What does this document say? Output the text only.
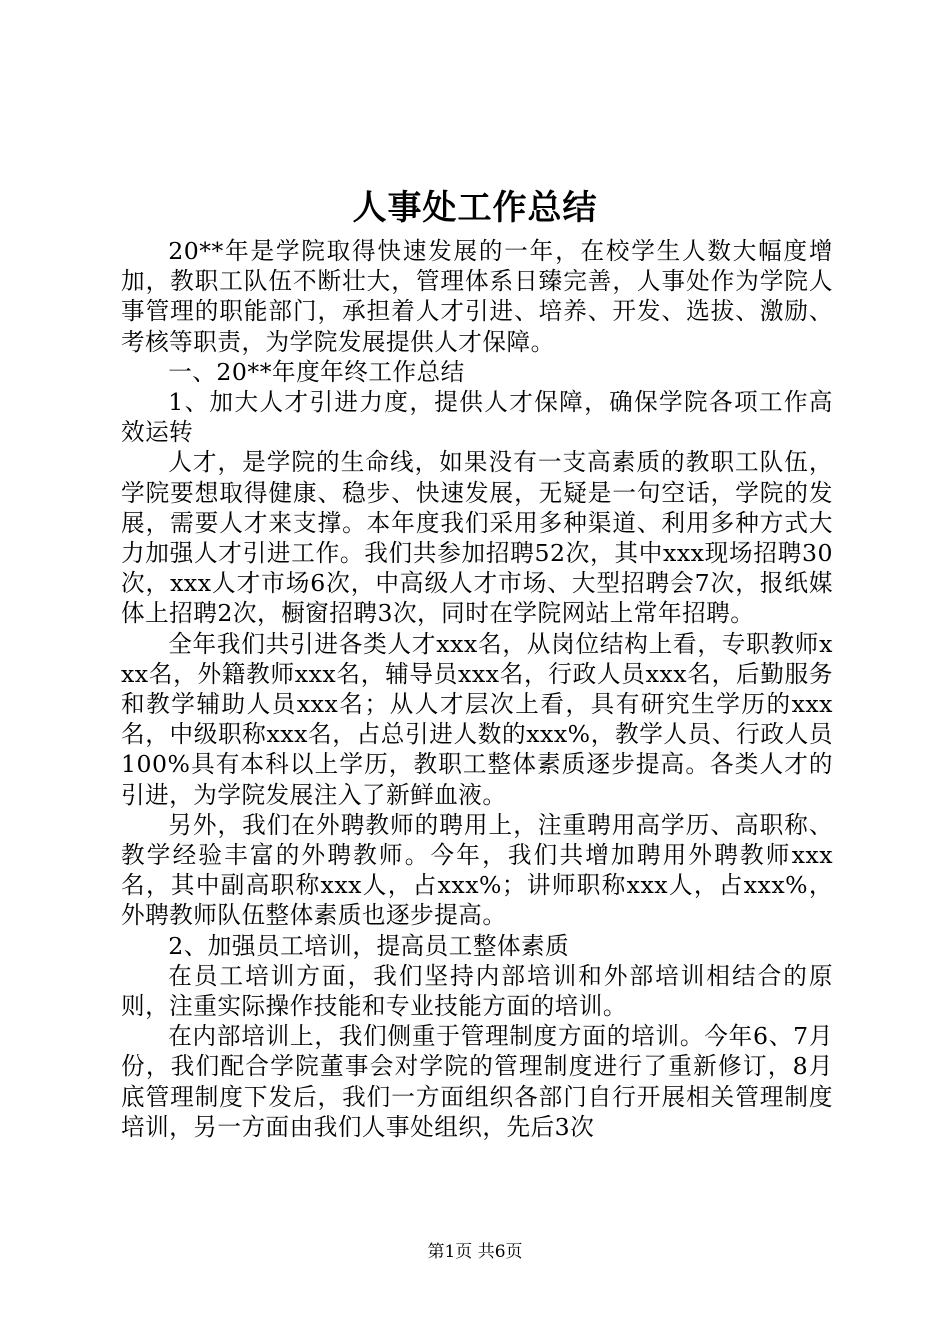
人事处工作总结

20**年是学院取得快速发展的一年，在校学生人数大幅度增加，教职工队伍不断壮大，管理体系日臻完善，人事处作为学院人事管理的职能部门，承担着人才引进、培养、开发、选拔、激励、考核等职责，为学院发展提供人才保障。

一、20**年度年终工作总结

1、加大人才引进力度，提供人才保障，确保学院各项工作高效运转

人才，是学院的生命线，如果没有一支高素质的教职工队伍，学院要想取得健康、稳步、快速发展，无疑是一句空话，学院的发展，需要人才来支撑。本年度我们采用多种渠道、利用多种方式大力加强人才引进工作。我们共参加招聘52次，其中xxx现场招聘30次，xxx人才市场6次，中高级人才市场、大型招聘会7次，报纸媒体上招聘2次，橱窗招聘3次，同时在学院网站上常年招聘。

全年我们共引进各类人才xxx名，从岗位结构上看，专职教师xxx名，外籍教师xxx名，辅导员xxx名，行政人员xxx名，后勤服务和教学辅助人员xxx名；从人才层次上看，具有研究生学历的xxx名，中级职称xxx名，占总引进人数的xxx%，教学人员、行政人员100%具有本科以上学历，教职工整体素质逐步提高。各类人才的引进，为学院发展注入了新鲜血液。

另外，我们在外聘教师的聘用上，注重聘用高学历、高职称、教学经验丰富的外聘教师。今年，我们共增加聘用外聘教师xxx名，其中副高职称xxx人，占xxx%；讲师职称xxx人，占xxx%，外聘教师队伍整体素质也逐步提高。

2、加强员工培训，提高员工整体素质

在员工培训方面，我们坚持内部培训和外部培训相结合的原则，注重实际操作技能和专业技能方面的培训。

在内部培训上，我们侧重于管理制度方面的培训。今年6、7月份，我们配合学院董事会对学院的管理制度进行了重新修订，8月底管理制度下发后，我们一方面组织各部门自行开展相关管理制度培训，另一方面由我们人事处组织，先后3次

第1页 共6页
